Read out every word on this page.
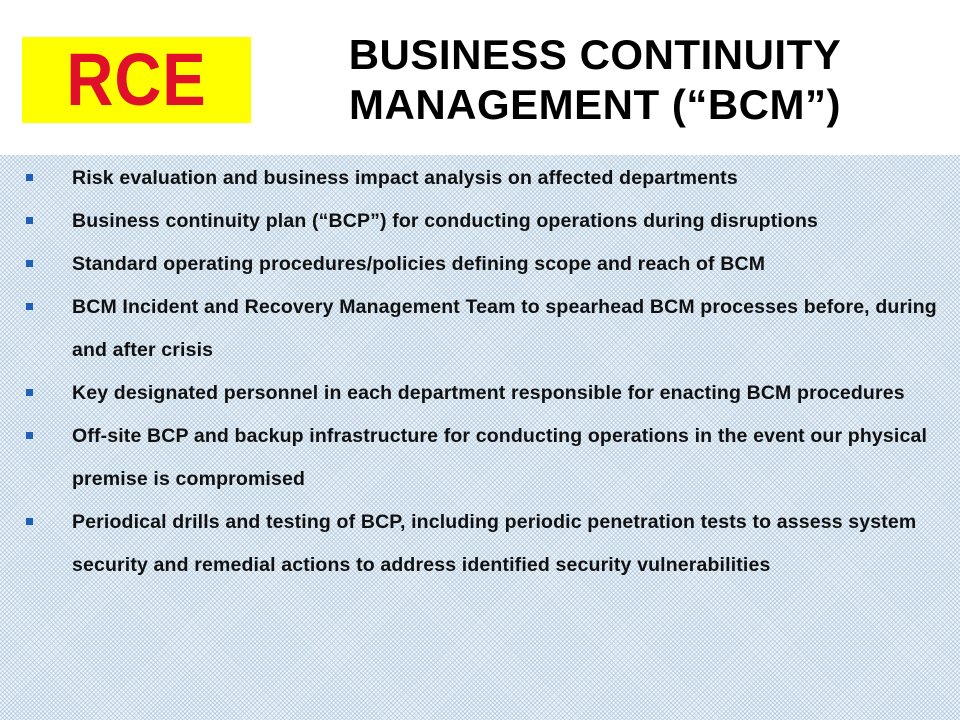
RCE	BUSINESS CONTINUITY
MANAGEMENT (“BCM”)
Risk evaluation and business impact analysis on affected departments
Business continuity plan (“BCP”) for conducting operations during disruptions
Standard operating procedures/policies defining scope and reach of BCM
BCM Incident and Recovery Management Team to spearhead BCM processes before, during and after crisis
Key designated personnel in each department responsible for enacting BCM procedures
Off-site BCP and backup infrastructure for conducting operations in the event our physical premise is compromised
Periodical drills and testing of BCP, including periodic penetration tests to assess system security and remedial actions to address identified security vulnerabilities
